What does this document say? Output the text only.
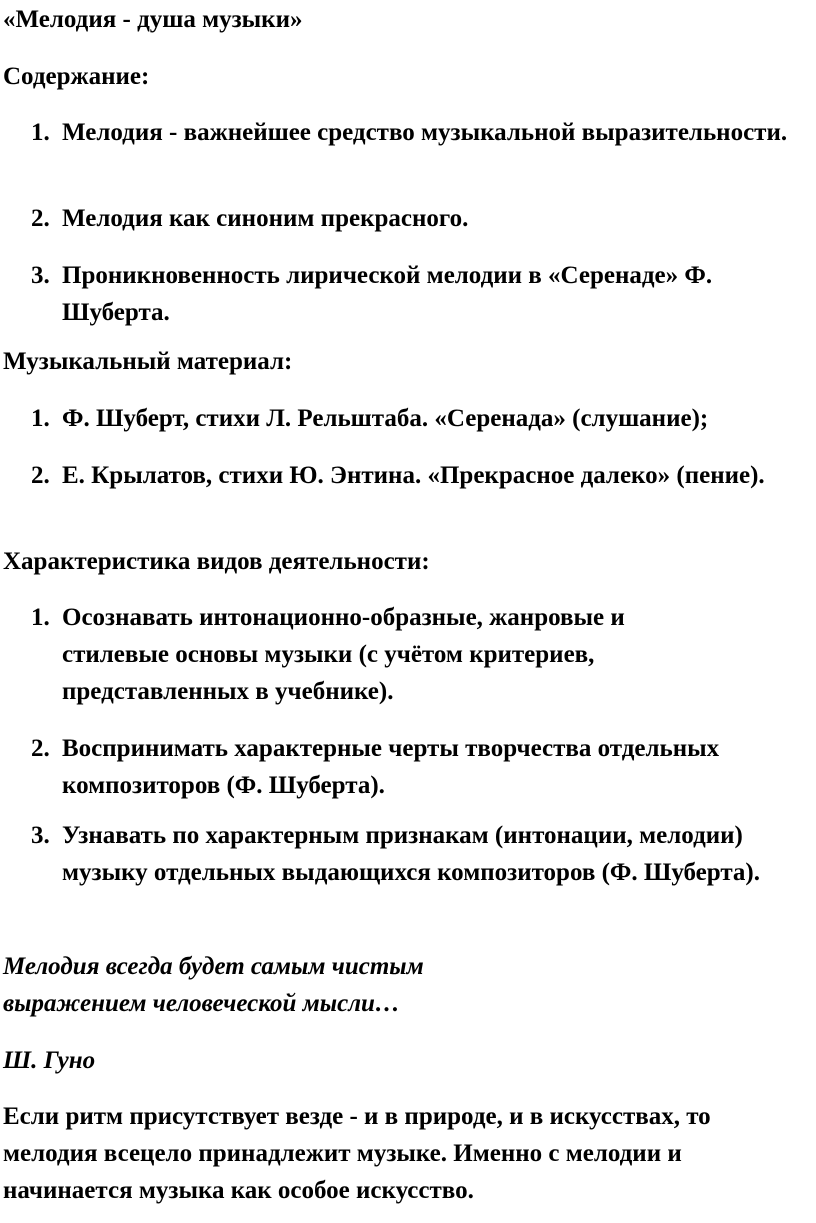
«Мелодия - душа музыки»
Содержание:
1. Мелодия - важнейшее средство музыкальной выразительности.
2. Мелодия как синоним прекрасного.
3. Проникновенность лирической мелодии в «Серенаде» Ф. Шуберта.
Музыкальный материал:
1. Ф. Шуберт, стихи Л. Рельштаба. «Серенада» (слушание);
2. Е. Крылатов, стихи Ю. Энтина. «Прекрасное далеко» (пение).
Характеристика видов деятельности:
1. Осознавать интонационно-образные, жанровые и стилевые основы музыки (с учётом критериев, представленных в учебнике).
2. Воспринимать характерные черты творчества отдельных композиторов (Ф. Шуберта).
3. Узнавать по характерным признакам (интонации, мелодии) музыку отдельных выдающихся композиторов (Ф. Шуберта).
Мелодия всегда будет самым чистым
выражением человеческой мысли…
Ш. Гуно
Если ритм присутствует везде - и в природе, и в искусствах, то
мелодия всецело принадлежит музыке. Именно с мелодии и
начинается музыка как особое искусство.
